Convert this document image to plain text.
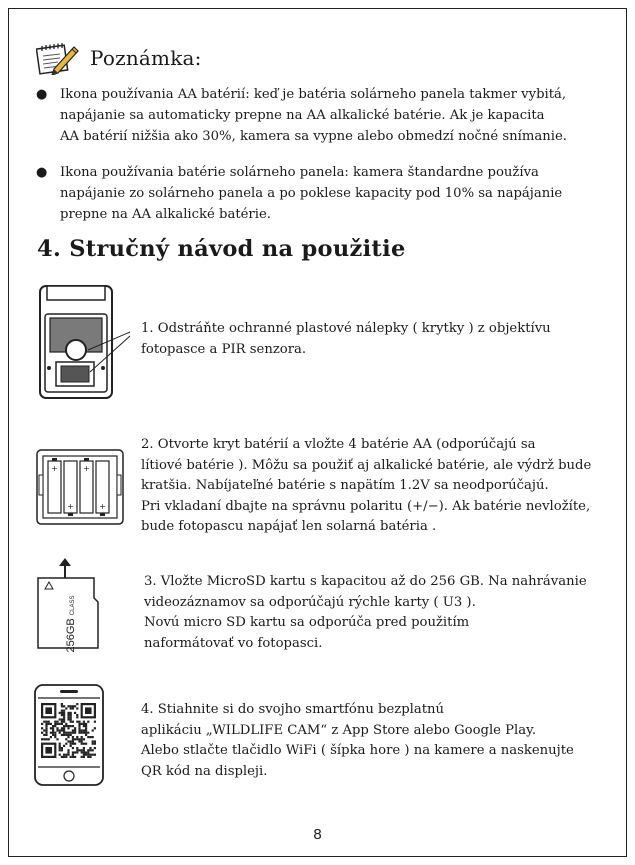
Poznámka:
● Ikona používania AA batérií: keď je batéria solárneho panela takmer vybitá,
napájanie sa automaticky prepne na AA alkalické batérie. Ak je kapacita
AA batérií nižšia ako 30%, kamera sa vypne alebo obmedzí nočné snímanie.
● Ikona používania batérie solárneho panela: kamera štandardne používa
napájanie zo solárneho panela a po poklese kapacity pod 10% sa napájanie
prepne na AA alkalické batérie.
4. Stručný návod na použitie
1. Odstráňte ochranné plastové nálepky ( krytky ) z objektívu
fotopasce a PIR senzora.
+
+
+
+
2. Otvorte kryt batérií a vložte 4 batérie AA (odporúčajú sa
lítiové batérie ). Môžu sa použiť aj alkalické batérie, ale výdrž bude
kratšia. Nabíjateľné batérie s napätím 1.2V sa neodporúčajú.
Pri vkladaní dbajte na správnu polaritu (+/−). Ak batérie nevložíte,
bude fotopascu napájať len solarná batéria .
256GB CLASS
3. Vložte MicroSD kartu s kapacitou až do 256 GB. Na nahrávanie
videozáznamov sa odporúčajú rýchle karty ( U3 ).
Novú micro SD kartu sa odporúča pred použitím
naformátovať vo fotopasci.
4. Stiahnite si do svojho smartfónu bezplatnú
aplikáciu „WILDLIFE CAM“ z App Store alebo Google Play.
Alebo stlačte tlačidlo WiFi ( šípka hore ) na kamere a naskenujte
QR kód na displeji.
8
